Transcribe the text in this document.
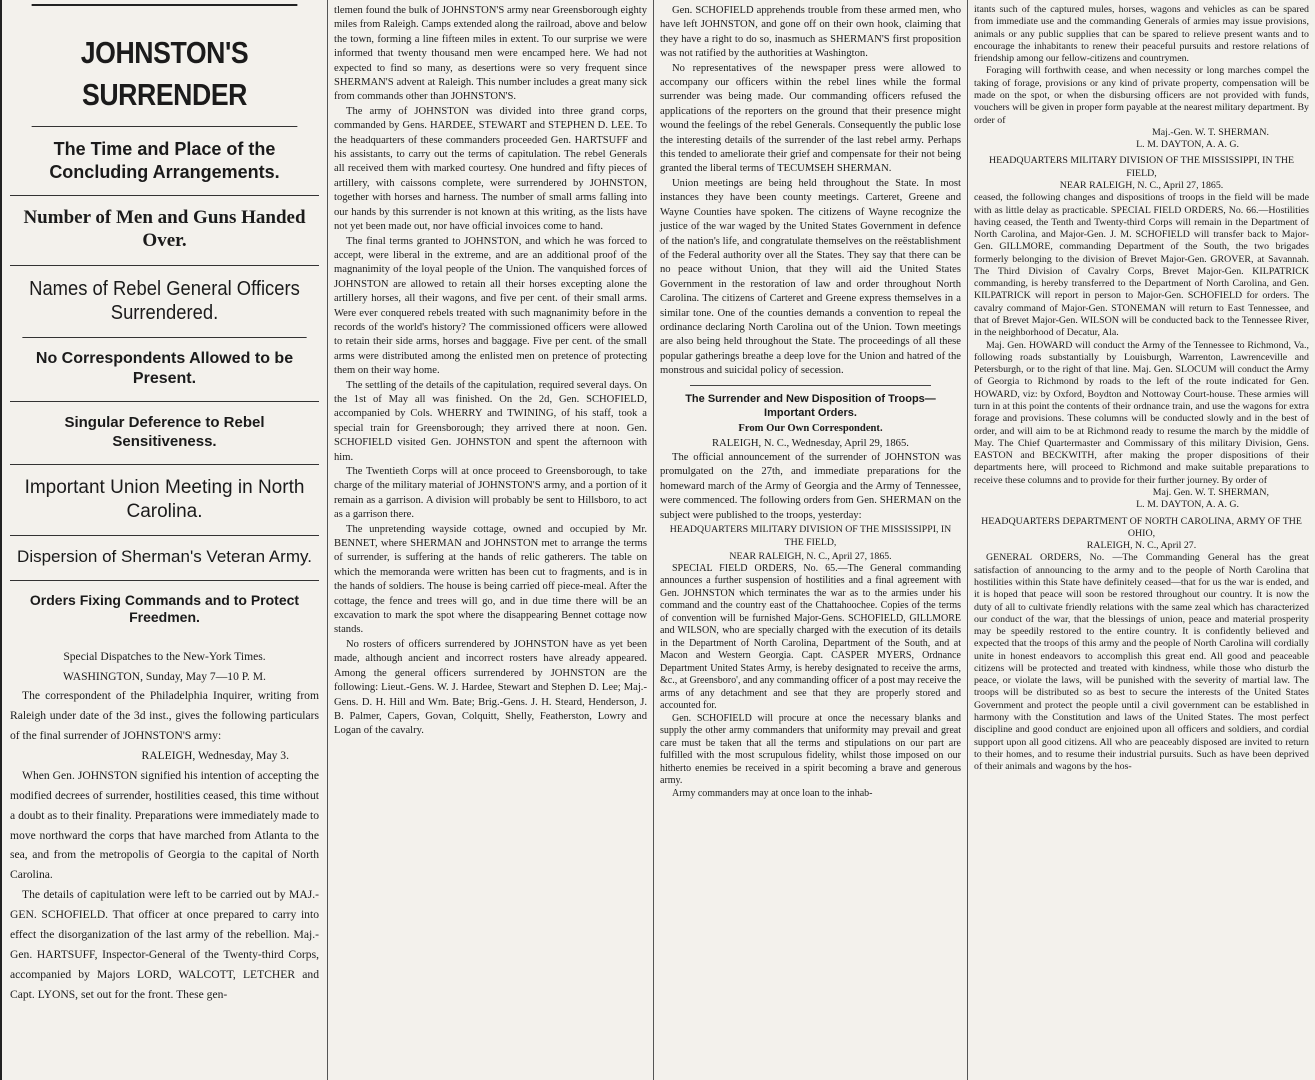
JOHNSTON'S SURRENDER
The Time and Place of the Concluding Arrangements.
Number of Men and Guns Handed Over.
Names of Rebel General Officers Surrendered.
No Correspondents Allowed to be Present.
Singular Deference to Rebel Sensitiveness.
Important Union Meeting in North Carolina.
Dispersion of Sherman's Veteran Army.
Orders Fixing Commands and to Protect Freedmen.
Special Dispatches to the New-York Times.
WASHINGTON, Sunday, May 7—10 P. M.

The correspondent of the Philadelphia Inquirer, writing from Raleigh under date of the 3d inst., gives the following particulars of the final surrender of JOHNSTON'S army:

RALEIGH, Wednesday, May 3.

When Gen. JOHNSTON signified his intention of accepting the modified decrees of surrender, hostilities ceased, this time without a doubt as to their finality. Preparations were immediately made to move northward the corps that have marched from Atlanta to the sea, and from the metropolis of Georgia to the capital of North Carolina.

The details of capitulation were left to be carried out by MAJ.-GEN. SCHOFIELD. That officer at once prepared to carry into effect the disorganization of the last army of the rebellion. Maj.-Gen. HARTSUFF, Inspector-General of the Twenty-third Corps, accompanied by Majors LORD, WALCOTT, LETCHER and Capt. LYONS, set out for the front. These gen-

tlemen found the bulk of JOHNSTON'S army near Greensborough eighty miles from Raleigh. Camps extended along the railroad, above and below the town, forming a line fifteen miles in extent. To our surprise we were informed that twenty thousand men were encamped here. We had not expected to find so many, as desertions were so very frequent since SHERMAN'S advent at Raleigh. This number includes a great many sick from commands other than JOHNSTON'S.

The army of JOHNSTON was divided into three grand corps, commanded by Gens. HARDEE, STEWART and STEPHEN D. LEE. To the headquarters of these commanders proceeded Gen. HARTSUFF and his assistants, to carry out the terms of capitulation. The rebel Generals all received them with marked courtesy. One hundred and fifty pieces of artillery, with caissons complete, were surrendered by JOHNSTON, together with horses and harness. The number of small arms falling into our hands by this surrender is not known at this writing, as the lists have not yet been made out, nor have official invoices come to hand.

The final terms granted to JOHNSTON, and which he was forced to accept, were liberal in the extreme, and are an additional proof of the magnanimity of the loyal people of the Union. The vanquished forces of JOHNSTON are allowed to retain all their horses excepting alone the artillery horses, all their wagons, and five per cent. of their small arms. Were ever conquered rebels treated with such magnanimity before in the records of the world's history? The commissioned officers were allowed to retain their side arms, horses and baggage. Five per cent. of the small arms were distributed among the enlisted men on pretence of protecting them on their way home.

The settling of the details of the capitulation, required several days. On the 1st of May all was finished. On the 2d, Gen. SCHOFIELD, accompanied by Cols. WHERRY and TWINING, of his staff, took a special train for Greensborough; they arrived there at noon. Gen. SCHOFIELD visited Gen. JOHNSTON and spent the afternoon with him.

The Twentieth Corps will at once proceed to Greensborough, to take charge of the military material of JOHNSTON'S army, and a portion of it remain as a garrison. A division will probably be sent to Hillsboro, to act as a garrison there.

The unpretending wayside cottage, owned and occupied by Mr. BENNET, where SHERMAN and JOHNSTON met to arrange the terms of surrender, is suffering at the hands of relic gatherers. The table on which the memoranda were written has been cut to fragments, and is in the hands of soldiers. The house is being carried off piece-meal. After the cottage, the fence and trees will go, and in due time there will be an excavation to mark the spot where the disappearing Bennet cottage now stands.

No rosters of officers surrendered by JOHNSTON have as yet been made, although ancient and incorrect rosters have already appeared. Among the general officers surrendered by JOHNSTON are the following: Lieut.-Gens. W. J. Hardee, Stewart and Stephen D. Lee; Maj.-Gens. D. H. Hill and Wm. Bate; Brig.-Gens. J. H. Steard, Henderson, J. B. Palmer, Capers, Govan, Colquitt, Shelly, Featherston, Lowry and Logan of the cavalry.

Gen. SCHOFIELD apprehends trouble from these armed men, who have left JOHNSTON, and gone off on their own hook, claiming that they have a right to do so, inasmuch as SHERMAN'S first proposition was not ratified by the authorities at Washington.

No representatives of the newspaper press were allowed to accompany our officers within the rebel lines while the formal surrender was being made. Our commanding officers refused the applications of the reporters on the ground that their presence might wound the feelings of the rebel Generals. Consequently the public lose the interesting details of the surrender of the last rebel army. Perhaps this tended to ameliorate their grief and compensate for their not being granted the liberal terms of TECUMSEH SHERMAN.

Union meetings are being held throughout the State. In most instances they have been county meetings. Carteret, Greene and Wayne Counties have spoken. The citizens of Wayne recognize the justice of the war waged by the United States Government in defence of the nation's life, and congratulate themselves on the reëstablishment of the Federal authority over all the States. They say that there can be no peace without Union, that they will aid the United States Government in the restoration of law and order throughout North Carolina. The citizens of Carteret and Greene express themselves in a similar tone. One of the counties demands a convention to repeal the ordinance declaring North Carolina out of the Union. Town meetings are also being held throughout the State. The proceedings of all these popular gatherings breathe a deep love for the Union and hatred of the monstrous and suicidal policy of secession.

The Surrender and New Disposition of Troops—Important Orders.
From Our Own Correspondent.
RALEIGH, N. C., Wednesday, April 29, 1865.

The official announcement of the surrender of JOHNSTON was promulgated on the 27th, and immediate preparations for the homeward march of the Army of Georgia and the Army of Tennessee, were commenced. The following orders from Gen. SHERMAN on the subject were published to the troops, yesterday:

HEADQUARTERS MILITARY DIVISION OF THE MISSISSIPPI, IN THE FIELD,

NEAR RALEIGH, N. C., April 27, 1865.

SPECIAL FIELD ORDERS, No. 65.—The General commanding announces a further suspension of hostilities and a final agreement with Gen. JOHNSTON which terminates the war as to the armies under his command and the country east of the Chattahoochee. Copies of the terms of convention will be furnished Major-Gens. SCHOFIELD, GILLMORE and WILSON, who are specially charged with the execution of its details in the Department of North Carolina, Department of the South, and at Macon and Western Georgia. Capt. CASPER MYERS, Ordnance Department United States Army, is hereby designated to receive the arms, &c., at Greensboro', and any commanding officer of a post may receive the arms of any detachment and see that they are properly stored and accounted for.

Gen. SCHOFIELD will procure at once the necessary blanks and supply the other army commanders that uniformity may prevail and great care must be taken that all the terms and stipulations on our part are fulfilled with the most scrupulous fidelity, whilst those imposed on our hitherto enemies be received in a spirit becoming a brave and generous army.

Army commanders may at once loan to the inhab-

itants such of the captured mules, horses, wagons and vehicles as can be spared from immediate use and the commanding Generals of armies may issue provisions, animals or any public supplies that can be spared to relieve present wants and to encourage the inhabitants to renew their peaceful pursuits and restore relations of friendship among our fellow-citizens and countrymen.

Foraging will forthwith cease, and when necessity or long marches compel the taking of forage, provisions or any kind of private property, compensation will be made on the spot, or when the disbursing officers are not provided with funds, vouchers will be given in proper form payable at the nearest military department. By order of

Maj.-Gen. W. T. SHERMAN.

L. M. DAYTON, A. A. G.

HEADQUARTERS MILITARY DIVISION OF THE MISSISSIPPI, IN THE FIELD,

NEAR RALEIGH, N. C., April 27, 1865.

ceased, the following changes and dispositions of troops in the field will be made with as little delay as practicable. SPECIAL FIELD ORDERS, No. 66.—Hostilities having ceased, the Tenth and Twenty-third Corps will remain in the Department of North Carolina, and Major-Gen. J. M. SCHOFIELD will transfer back to Major-Gen. GILLMORE, commanding Department of the South, the two brigades formerly belonging to the division of Brevet Major-Gen. GROVER, at Savannah. The Third Division of Cavalry Corps, Brevet Major-Gen. KILPATRICK commanding, is hereby transferred to the Department of North Carolina, and Gen. KILPATRICK will report in person to Major-Gen. SCHOFIELD for orders. The cavalry command of Major-Gen. STONEMAN will return to East Tennessee, and that of Brevet Major-Gen. WILSON will be conducted back to the Tennessee River, in the neighborhood of Decatur, Ala.

Maj. Gen. HOWARD will conduct the Army of the Tennessee to Richmond, Va., following roads substantially by Louisburgh, Warrenton, Lawrenceville and Petersburgh, or to the right of that line. Maj. Gen. SLOCUM will conduct the Army of Georgia to Richmond by roads to the left of the route indicated for Gen. HOWARD, viz: by Oxford, Boydton and Nottoway Court-house. These armies will turn in at this point the contents of their ordnance train, and use the wagons for extra forage and provisions. These columns will be conducted slowly and in the best of order, and will aim to be at Richmond ready to resume the march by the middle of May. The Chief Quartermaster and Commissary of this military Division, Gens. EASTON and BECKWITH, after making the proper dispositions of their departments here, will proceed to Richmond and make suitable preparations to receive these columns and to provide for their further journey. By order of

Maj. Gen. W. T. SHERMAN,

L. M. DAYTON, A. A. G.

HEADQUARTERS DEPARTMENT OF NORTH CAROLINA, ARMY OF THE OHIO,

RALEIGH, N. C., April 27.

GENERAL ORDERS, No. —The Commanding General has the great satisfaction of announcing to the army and to the people of North Carolina that hostilities within this State have definitely ceased—that for us the war is ended, and it is hoped that peace will soon be restored throughout our country. It is now the duty of all to cultivate friendly relations with the same zeal which has characterized our conduct of the war, that the blessings of union, peace and material prosperity may be speedily restored to the entire country. It is confidently believed and expected that the troops of this army and the people of North Carolina will cordially unite in honest endeavors to accomplish this great end. All good and peaceable citizens will be protected and treated with kindness, while those who disturb the peace, or violate the laws, will be punished with the severity of martial law. The troops will be distributed so as best to secure the interests of the United States Government and protect the people until a civil government can be established in harmony with the Constitution and laws of the United States. The most perfect discipline and good conduct are enjoined upon all officers and soldiers, and cordial support upon all good citizens. All who are peaceably disposed are invited to return to their homes, and to resume their industrial pursuits. Such as have been deprived of their animals and wagons by the hos-
